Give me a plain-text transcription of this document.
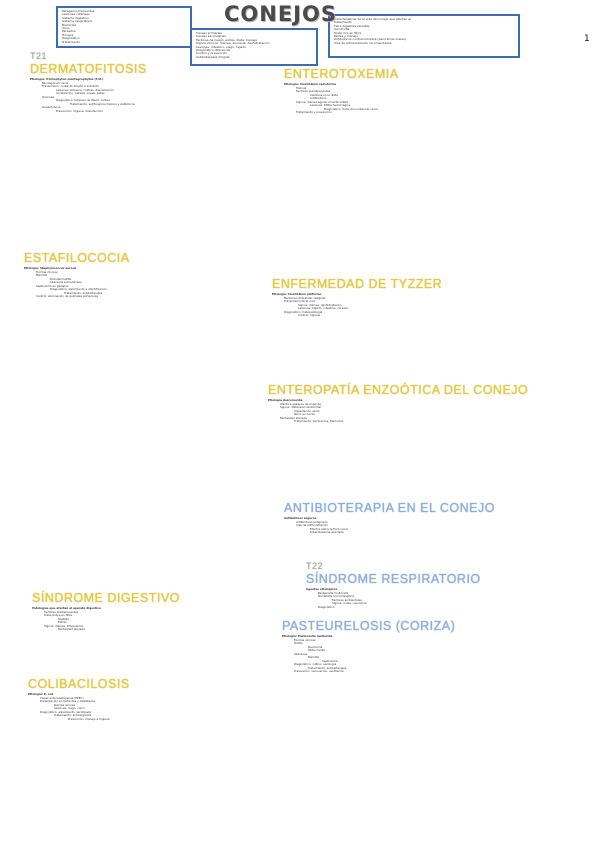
Patógenos frecuentes
Lesiones cutáneas
Sistema digestivo
Sistema respiratorio
Bacterias
Virus
Parásitos
Hongos
Diagnóstico
Tratamiento
Causas primarias
Causas secundarias
Factores de riesgo: estrés, dieta, manejo
Signos clínicos: diarrea, anorexia, deshidratación
Lesiones: intestino, ciego, hígado
Diagnóstico diferencial
Control y prevención
Antibioterapia dirigida
Características de la vida del conejo que afectan al
tratamiento
Flora digestiva sensible
Cecotrofia
Dieta rica en fibra
Estrés y manejo
Antibióticos contraindicados (penicilinas orales)
Vías de administración recomendadas
CONEJOS
1
T21
DERMATOFITOSIS
Etiología: Trichophyton mentagrophytes (T.M.)
Microsporum canis
Transmisión: contacto directo e indirecto
Lesiones: alopecia, costras, descamación
Localización: cabeza, orejas, patas
Zoonosis
Diagnóstico: lámpara de Wood, cultivo
Tratamiento: antifúngicos tópicos y sistémicos
Griseofulvina
Prevención: higiene, desinfección
ESTAFILOCOCIA
Etiología: Staphylococcus aureus
Formas clínicas
Mamitis
Pododermatitis
Abscesos subcutáneos
Septicemia en gazapos
Diagnóstico: aislamiento e identificación
Tratamiento: antibioterapia
Control: eliminación de animales portadores
SÍNDROME DIGESTIVO
Patologías que afectan al aparato digestivo
Factores predisponentes
Dieta pobre en fibra
Destete
Estrés
Signos: diarrea, timpanismo
Mortalidad elevada
COLIBACILOSIS
Etiología: E. coli
Cepas enteropatógenas (EPEC)
Presentación en lactantes y destetados
Diarrea acuosa
Lesiones: ciego, colon
Diagnóstico: aislamiento, serotipado
Tratamiento: antibiograma
Prevención: manejo e higiene
ENTEROTOXEMIA
Etiología: Clostridium spiroforme
Toxinas
Factores predisponentes
Cambios en la dieta
Antibióticos
Signos: diarrea aguda, muerte súbita
Lesiones: tiflitis hemorrágica
Diagnóstico: frotis del contenido cecal
Tratamiento y prevención
ENFERMEDAD DE TYZZER
Etiología: Clostridium piliforme
Bacteria intracelular obligada
Transmisión fecal-oral
Signos: diarrea, deshidratación
Lesiones: hígado, intestino, corazón
Diagnóstico: histopatología
Control: higiene
ENTEROPATÍA ENZOÓTICA DEL CONEJO
Etiología desconocida
Afecta a gazapos de engorde
Signos: distensión abdominal
Impactación cecal
Moco en heces
Mortalidad elevada
Tratamiento: bacitracina, tiamulina
ANTIBIOTERAPIA EN EL CONEJO
Antibióticos seguros
Antibióticos peligrosos
Vías de administración
Efectos sobre la flora cecal
Enterotoxemia asociada
T22
SÍNDROME RESPIRATORIO
Agentes etiológicos
Pasteurella multocida
Bordetella bronchiseptica
Factores ambientales
Signos: rinitis, neumonía
Diagnóstico
PASTEURELOSIS (CORIZA)
Etiología: Pasteurella multocida
Formas clínicas
Rinitis
Neumonía
Otitis media
Abscesos
Mamitis
Septicemia
Diagnóstico: cultivo, serología
Tratamiento: antibioterapia
Prevención: vacunación, ventilación
